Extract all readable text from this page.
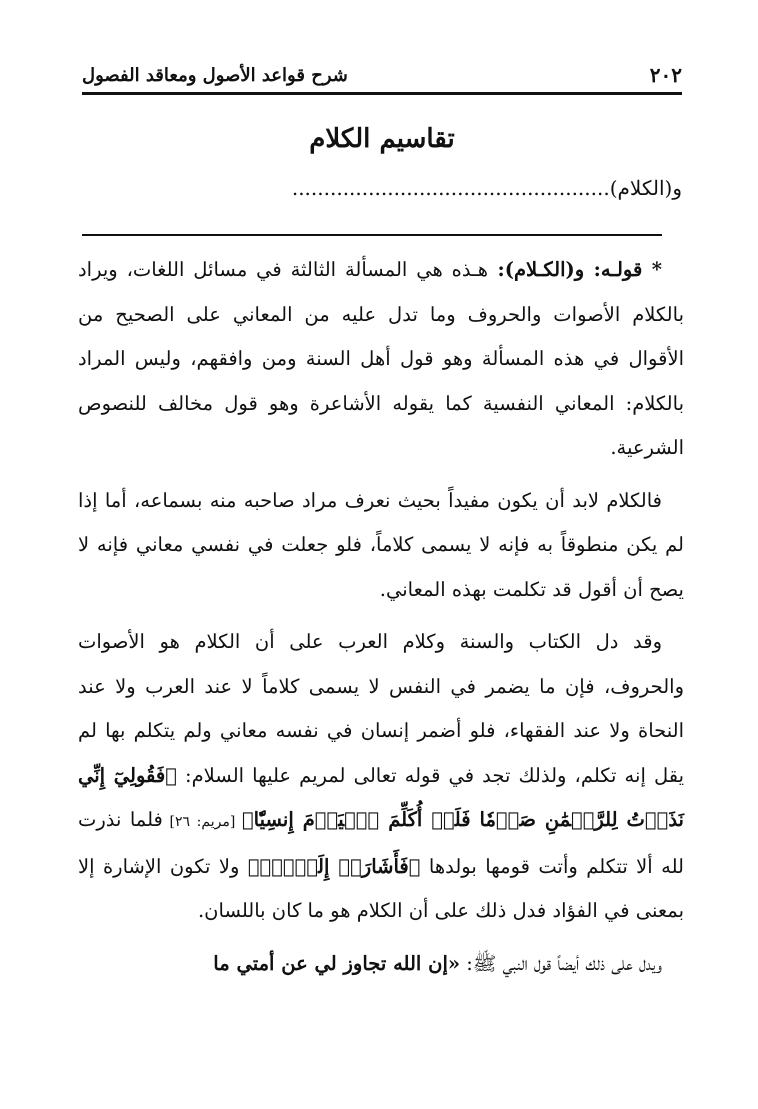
٢٠٢
شرح قواعد الأصول ومعاقد الفصول
تقاسيم الكلام
و(الكلام)..................................................

* قولـه: و(الكـلام): هـذه هي المسألة الثالثة في مسائل اللغات، ويراد بالكلام الأصوات والحروف وما تدل عليه من المعاني على الصحيح من الأقوال في هذه المسألة وهو قول أهل السنة ومن وافقهم، وليس المراد بالكلام: المعاني النفسية كما يقوله الأشاعرة وهو قول مخالف للنصوص الشرعية.

فالكلام لابد أن يكون مفيداً بحيث نعرف مراد صاحبه منه بسماعه، أما إذا لم يكن منطوقاً به فإنه لا يسمى كلاماً، فلو جعلت في نفسي معاني فإنه لا يصح أن أقول قد تكلمت بهذه المعاني.

وقد دل الكتاب والسنة وكلام العرب على أن الكلام هو الأصوات والحروف، فإن ما يضمر في النفس لا يسمى كلاماً لا عند العرب ولا عند النحاة ولا عند الفقهاء، فلو أضمر إنسان في نفسه معاني ولم يتكلم بها لم يقل إنه تكلم، ولذلك تجد في قوله تعالى لمريم عليها السلام: ﴿فَقُولِيٓ إِنِّي نَذَرۡتُ لِلرَّحۡمَٰنِ صَوۡمٗا فَلَنۡ أُكَلِّمَ ٱلۡيَوۡمَ إِنسِيّٗا﴾ [مريم: ٢٦] فلما نذرت لله ألا تتكلم وأتت قومها بولدها ﴿فَأَشَارَتۡ إِلَيۡهِۖ﴾ ولا تكون الإشارة إلا بمعنى في الفؤاد فدل ذلك على أن الكلام هو ما كان باللسان.

ويدل على ذلك أيضاً قول النبي ﷺ: «إن الله تجاوز لي عن أمتي ما
